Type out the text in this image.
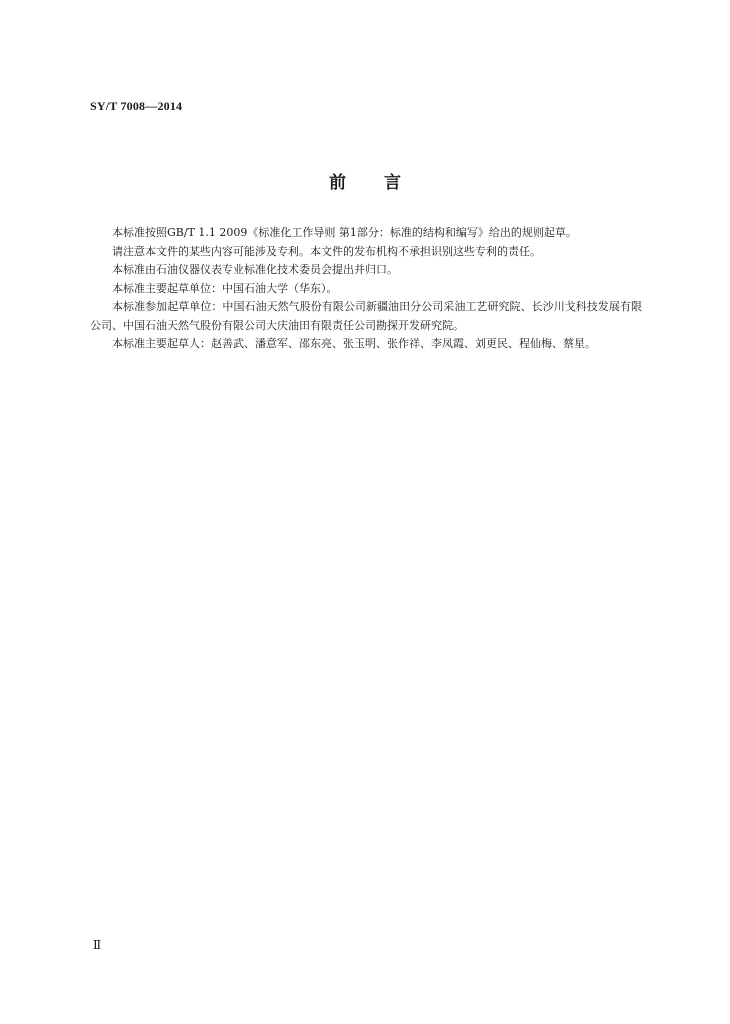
SY/T 7008—2014
前 言

本标准按照GB/T 1.1 2009《标准化工作导则 第1部分：标准的结构和编写》给出的规则起草。

请注意本文件的某些内容可能涉及专利。本文件的发布机构不承担识别这些专利的责任。

本标准由石油仪器仪表专业标准化技术委员会提出并归口。

本标准主要起草单位：中国石油大学（华东）。

本标准参加起草单位：中国石油天然气股份有限公司新疆油田分公司采油工艺研究院、长沙川戈科技发展有限公司、中国石油天然气股份有限公司大庆油田有限责任公司勘探开发研究院。

本标准主要起草人：赵善武、潘意军、邵东亮、张玉明、张作祥、李凤霞、刘更民、程仙梅、蔡星。

Ⅱ
